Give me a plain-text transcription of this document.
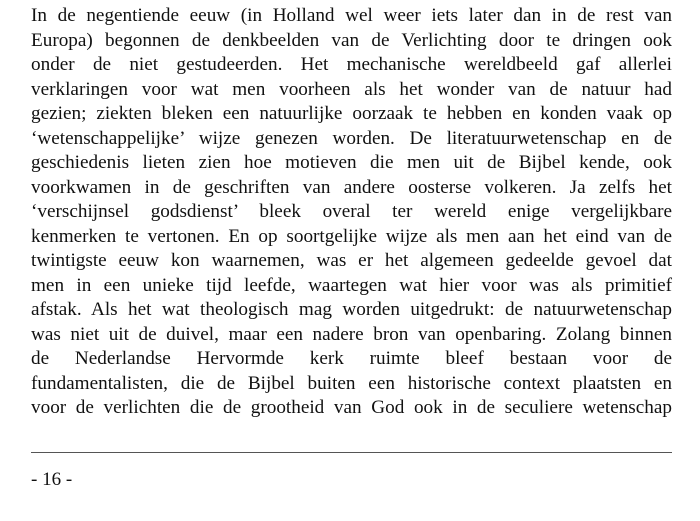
In de negentiende eeuw (in Holland wel weer iets later dan in de rest van
Europa) begonnen de denkbeelden van de Verlichting door te dringen ook
onder de niet gestudeerden. Het mechanische wereldbeeld gaf allerlei
verklaringen voor wat men voorheen als het wonder van de natuur had
gezien; ziekten bleken een natuurlijke oorzaak te hebben en konden vaak op
‘wetenschappelijke’ wijze genezen worden. De literatuurwetenschap en de
geschiedenis lieten zien hoe motieven die men uit de Bijbel kende, ook
voorkwamen in de geschriften van andere oosterse volkeren. Ja zelfs het
‘verschijnsel godsdienst’ bleek overal ter wereld enige vergelijkbare
kenmerken te vertonen. En op soortgelijke wijze als men aan het eind van de
twintigste eeuw kon waarnemen, was er het algemeen gedeelde gevoel dat
men in een unieke tijd leefde, waartegen wat hier voor was als primitief
afstak. Als het wat theologisch mag worden uitgedrukt: de natuurwetenschap
was niet uit de duivel, maar een nadere bron van openbaring. Zolang binnen
de Nederlandse Hervormde kerk ruimte bleef bestaan voor de
fundamentalisten, die de Bijbel buiten een historische context plaatsten en
voor de verlichten die de grootheid van God ook in de seculiere wetenschap
- 16 -
